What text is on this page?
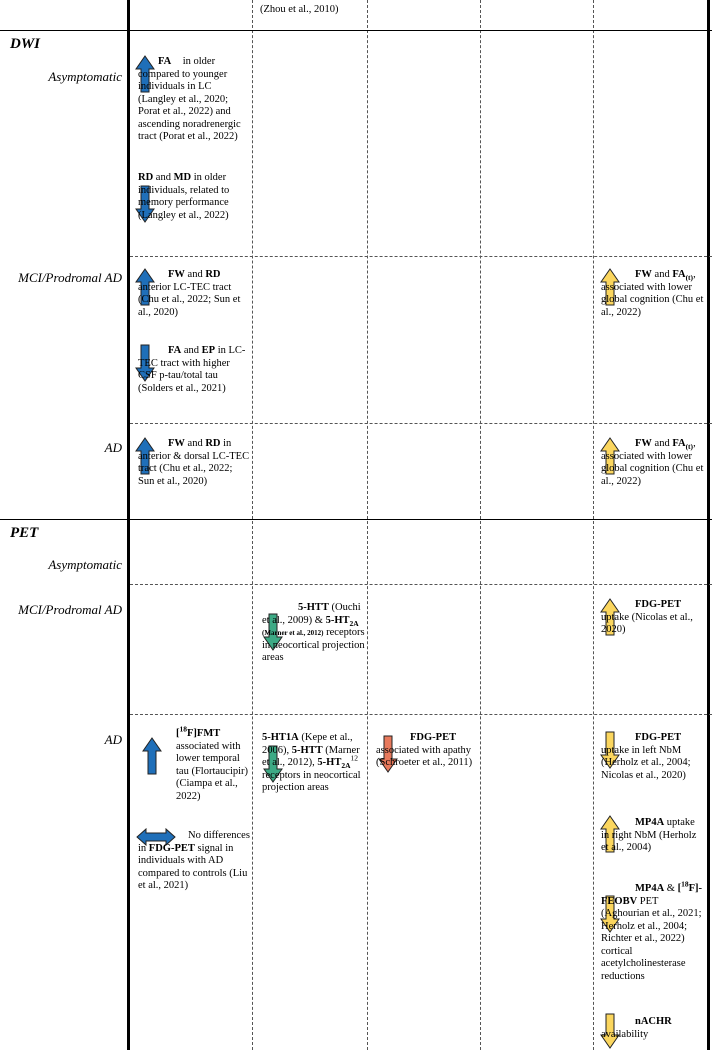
(Zhou et al., 2010)
DWI
Asymptomatic
MCI/Prodromal AD
AD
FA in older compared to younger individuals in LC (Langley et al., 2020; Porat et al., 2022) and ascending noradrenergic tract (Porat et al., 2022)
RD and MD in older individuals, related to memory performance (Langley et al., 2022)
FW and RD anterior LC-TEC tract (Chu et al., 2022; Sun et al., 2020)
FA and EP in LC-TEC tract with higher CSF p-tau/total tau (Solders et al., 2021)
FW and $FA_{(t)}$, associated with lower global cognition (Chu et al., 2022)
FW and RD in anterior & dorsal LC-TEC tract (Chu et al., 2022; Sun et al., 2020)
FW and $FA_{(t)}$, associated with lower global cognition (Chu et al., 2022)
PET
Asymptomatic
MCI/Prodromal AD
AD
5-HTT (Ouchi et al., 2009) & $5-HT_{2A}$ (Marner et al., 2012) receptors in neocortical projection areas
FDG-PET uptake (Nicolas et al., 2020)
[$^{18}$F]FMT associated with lower temporal tau (Flortaucipir) (Ciampa et al., 2022)
No differences in FDG-PET signal in individuals with AD compared to controls (Liu et al., 2021)
5-HT1A (Kepe et al., 2006), 5-HTT (Marner et al., 2012), $5-HT_{2A}^{12}$ receptors in neocortical projection areas
FDG-PET associated with apathy (Schroeter et al., 2011)
FDG-PET uptake in left NbM (Herholz et al., 2004; Nicolas et al., 2020)
MP4A uptake in right NbM (Herholz et al., 2004)
MP4A & [$^{18}$F]-FEOBV PET (Aghourian et al., 2021; Herholz et al., 2004; Richter et al., 2022) cortical acetylcholinesterase reductions
nACHR availability
